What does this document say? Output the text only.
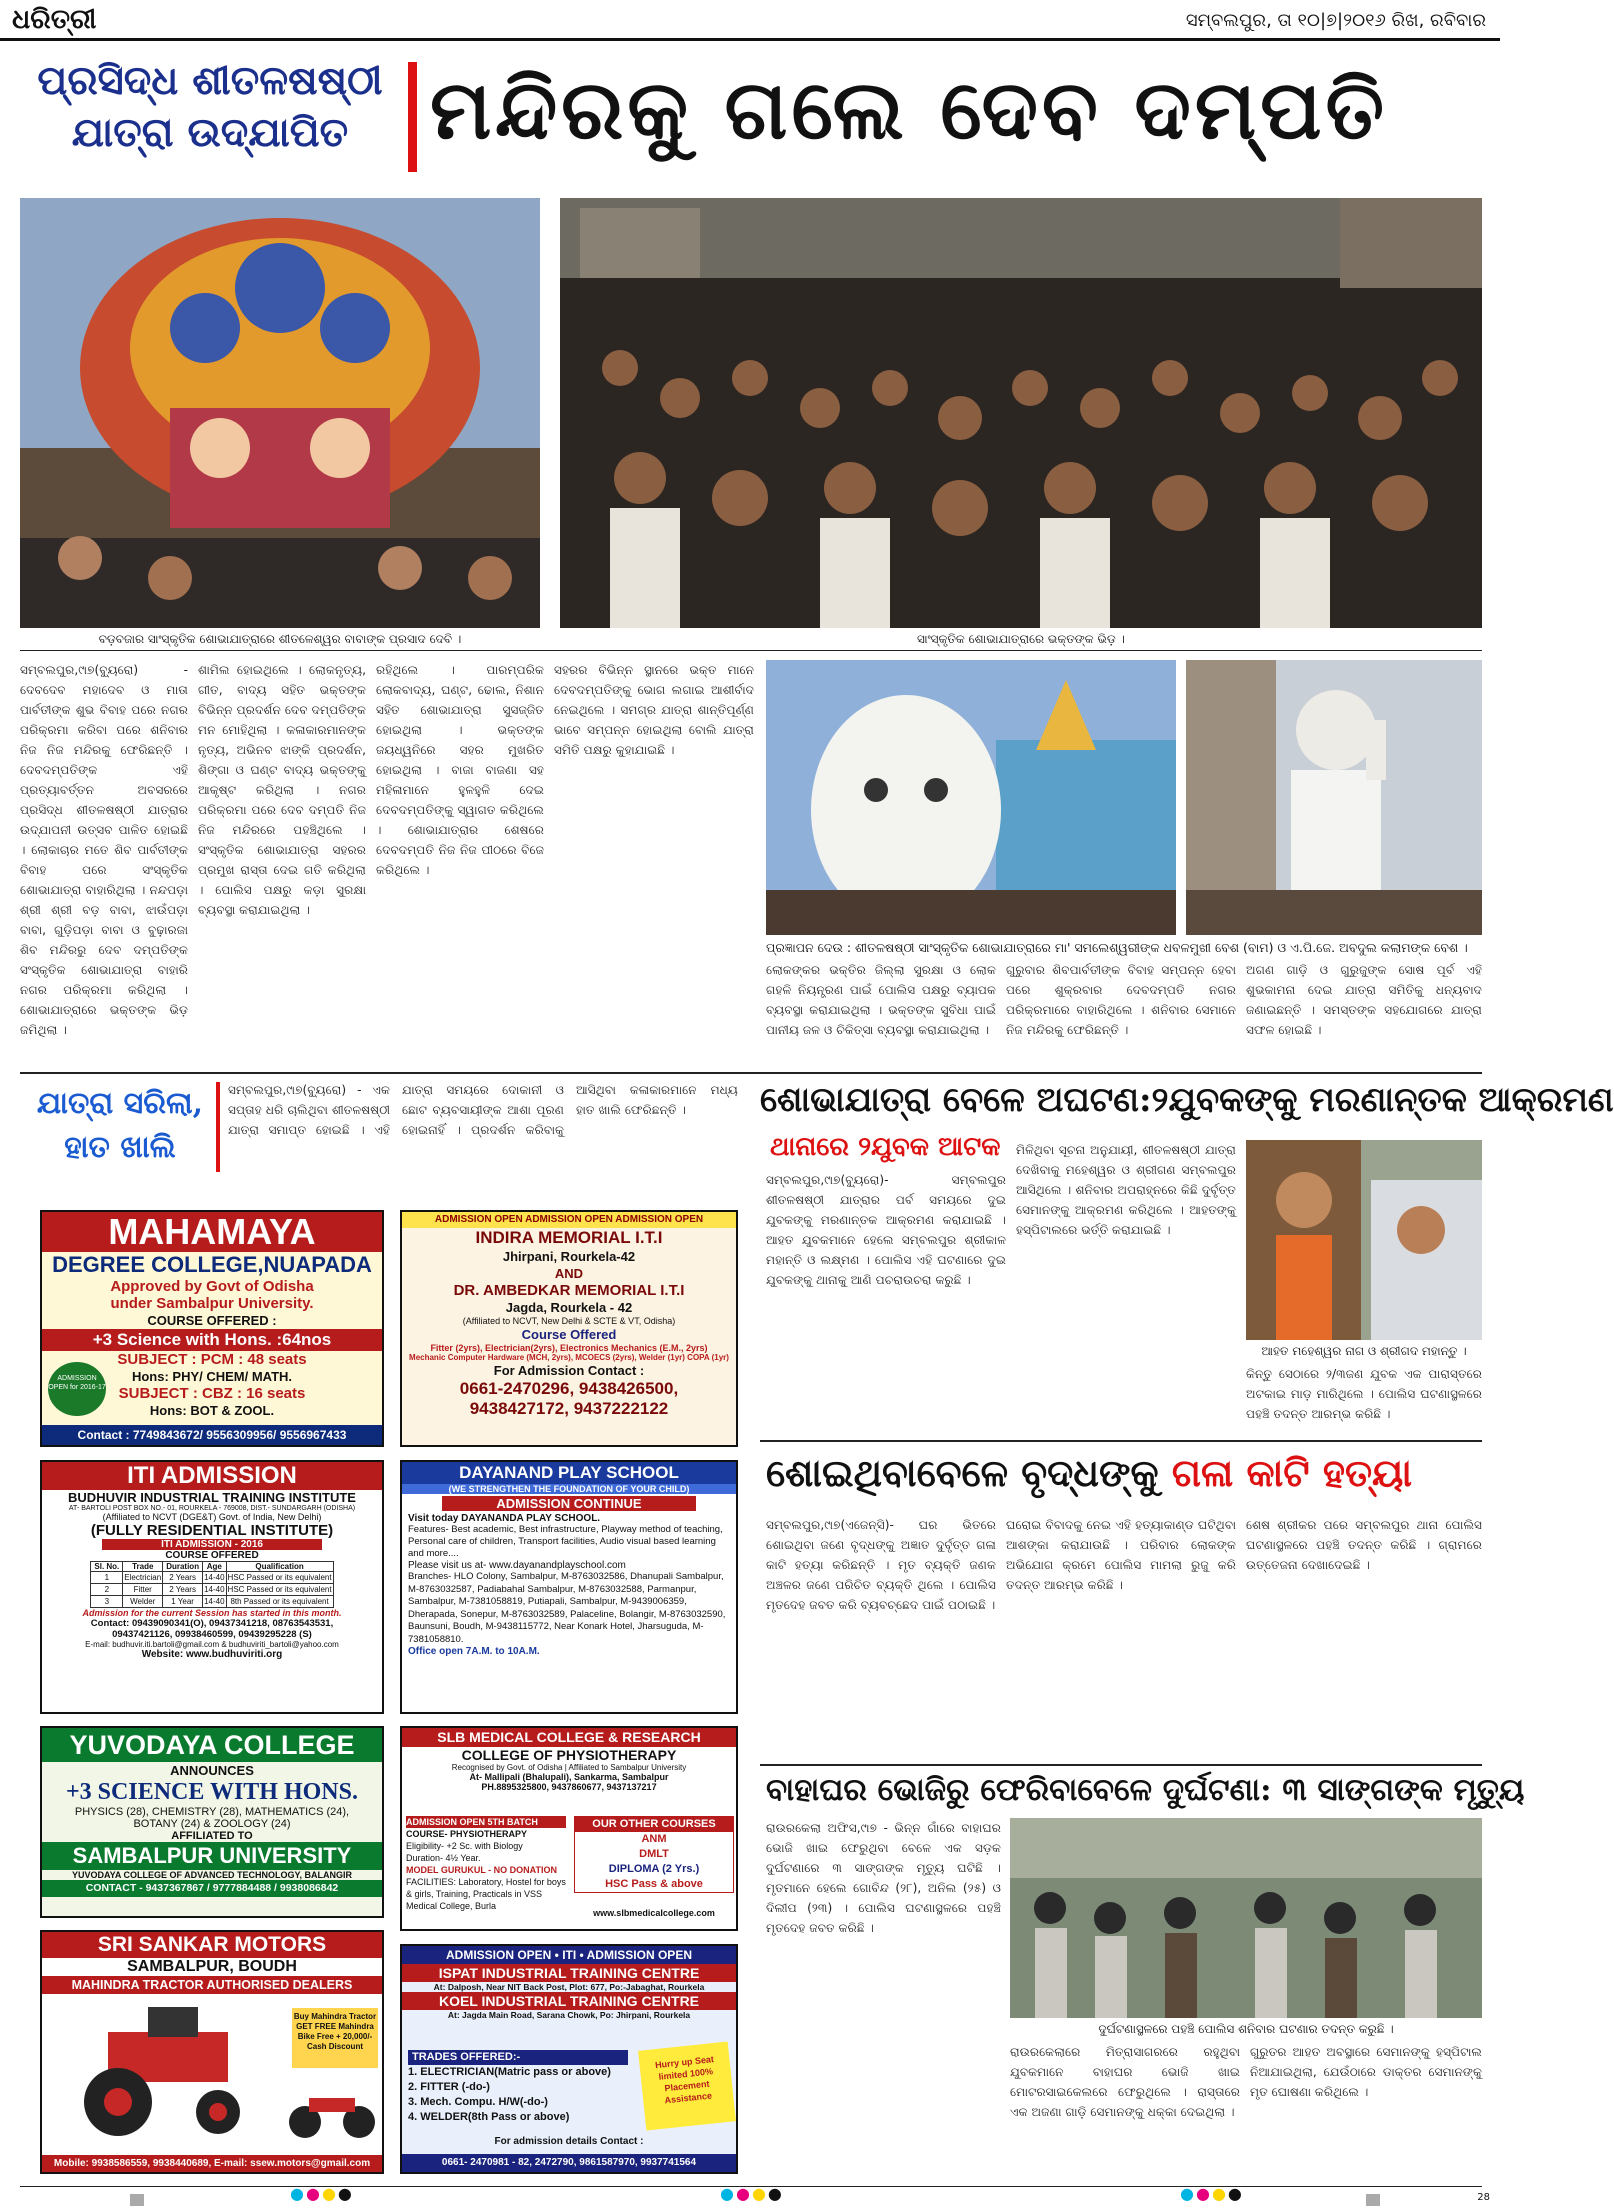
ଧରିତ୍ରୀ	ସମ୍ବଲପୁର, ତା ୧୦|୭|୨୦୧୬ ରିଖ, ରବିବାର
ପ୍ରସିଦ୍ଧ ଶୀତଳଷଷ୍ଠୀ
ଯାତ୍ରା ଉଦ୍‌ଯାପିତ ମନ୍ଦିରକୁ ଗଲେ ଦେବ ଦମ୍ପତି
ବଡ଼ବଜାର ସାଂସ୍କୃତିକ ଶୋଭାଯାତ୍ରାରେ ଶୀତଳେଶ୍ୱର ବାବାଙ୍କ ପ୍ରସାଦ ଦେବି ।	ସାଂସ୍କୃତିକ ଶୋଭାଯାତ୍ରାରେ ଭକ୍ତଙ୍କ ଭିଡ଼ ।
ସମ୍ବଲପୁର,୯ା୭(ବ୍ୟୁରୋ) - ଦେବଦେବ ମହାଦେବ ଓ ମାତା ପାର୍ବତୀଙ୍କ ଶୁଭ ବିବାହ ପରେ ନଗର ପରିକ୍ରମା କରିବା ପରେ ଶନିବାର ନିଜ ନିଜ ମନ୍ଦିରକୁ ଫେରିଛନ୍ତି । ଦେବଦମ୍ପତିଙ୍କ ଏହି ପ୍ରତ୍ୟାବର୍ତ୍ତନ ଅବସରରେ ପ୍ରସିଦ୍ଧ ଶୀତଳଷଷ୍ଠୀ ଯାତ୍ରାର ଉଦ୍‌ଯାପନୀ ଉତ୍ସବ ପାଳିତ ହୋଇଛି । ଲୋକାଚାର ମତେ ଶିବ ପାର୍ବତୀଙ୍କ ବିବାହ ପରେ ସଂସ୍କୃତିକ ଶୋଭାଯାତ୍ରା ବାହାରିଥିଲା । ନନ୍ଦପଡ଼ା ଶ୍ରୀ ଶ୍ରୀ ବଡ଼ ବାବା, ଝାଉଁପଡ଼ା ବାବା, ଗୁଡ଼ିପଡ଼ା ବାବା ଓ ବୁଢ଼ାରଜା ଶିବ ମନ୍ଦିରରୁ ଦେବ ଦମ୍ପତିଙ୍କ ସଂସ୍କୃତିକ ଶୋଭାଯାତ୍ରା ବାହାରି ନଗର ପରିକ୍ରମା କରିଥିଲା । ଶୋଭାଯାତ୍ରାରେ ଭକ୍ତଙ୍କ ଭିଡ଼ ଜମିଥିଲା ।
ଶାମିଲ ହୋଇଥିଲେ । ଲୋକନୃତ୍ୟ, ଗୀତ, ବାଦ୍ୟ ସହିତ ଭକ୍ତଙ୍କ ବିଭିନ୍ନ ପ୍ରଦର୍ଶନ ଦେବ ଦମ୍ପତିଙ୍କ ମନ ମୋହିଥିଲା । କଳାକାରମାନଙ୍କ ନୃତ୍ୟ, ଅଭିନବ ଝାଙ୍କି ପ୍ରଦର୍ଶନ, ଶିଙ୍ଗା ଓ ଘଣ୍ଟ ବାଦ୍ୟ ଭକ୍ତଙ୍କୁ ଆକୃଷ୍ଟ କରିଥିଲା । ନଗର ପରିକ୍ରମା ପରେ ଦେବ ଦମ୍ପତି ନିଜ ନିଜ ମନ୍ଦିରରେ ପହଞ୍ଚିଥିଲେ । ସଂସ୍କୃତିକ ଶୋଭାଯାତ୍ରା ସହରର ପ୍ରମୁଖ ରାସ୍ତା ଦେଇ ଗତି କରିଥିଲା । ପୋଲିସ ପକ୍ଷରୁ କଡ଼ା ସୁରକ୍ଷା ବ୍ୟବସ୍ଥା କରାଯାଇଥିଲା ।
ରହିଥିଲେ । ପାରମ୍ପରିକ ଲୋକବାଦ୍ୟ, ଘଣ୍ଟ, ଢୋଲ, ନିଶାନ ସହିତ ଶୋଭାଯାତ୍ରା ସୁସଜ୍ଜିତ ହୋଇଥିଲା । ଭକ୍ତଙ୍କ ଜୟଧ୍ୱନିରେ ସହର ମୁଖରିତ ହୋଇଥିଲା । ବାଜା ବାଜଣା ସହ ମହିଳାମାନେ ହୁଳହୁଳି ଦେଇ ଦେବଦମ୍ପତିଙ୍କୁ ସ୍ୱାଗତ କରିଥିଲେ । ଶୋଭାଯାତ୍ରାର ଶେଷରେ ଦେବଦମ୍ପତି ନିଜ ନିଜ ପୀଠରେ ବିଜେ କରିଥିଲେ ।
ସହରର ବିଭିନ୍ନ ସ୍ଥାନରେ ଭକ୍ତ ମାନେ ଦେବଦମ୍ପତିଙ୍କୁ ଭୋଗ ଲଗାଇ ଆଶୀର୍ବାଦ ନେଇଥିଲେ । ସମଗ୍ର ଯାତ୍ରା ଶାନ୍ତିପୂର୍ଣ୍ଣ ଭାବେ ସମ୍ପନ୍ନ ହୋଇଥିଲା ବୋଲି ଯାତ୍ରା ସମିତି ପକ୍ଷରୁ କୁହାଯାଇଛି ।
ପ୍ରଜ୍ଞାପନ ଦେଉ : ଶୀତଳଷଷ୍ଠୀ ସାଂସ୍କୃତିକ ଶୋଭାଯାତ୍ରାରେ ମା' ସମଲେଶ୍ୱରୀଙ୍କ ଧବଳମୁଖୀ ବେଶ (ବାମ) ଓ ଏ.ପି.ଜେ. ଅବଦୁଲ କଲାମଙ୍କ ବେଶ ।
ଲୋକଙ୍କର ଭକ୍ତିର ଜିଲ୍ଲା ସୁରକ୍ଷା ଓ ଲୋକ ଗହଳି ନିୟନ୍ତ୍ରଣ ପାଇଁ ପୋଲିସ ପକ୍ଷରୁ ବ୍ୟାପକ ବ୍ୟବସ୍ଥା କରାଯାଇଥିଲା । ଭକ୍ତଙ୍କ ସୁବିଧା ପାଇଁ ପାନୀୟ ଜଳ ଓ ଚିକିତ୍ସା ବ୍ୟବସ୍ଥା କରାଯାଇଥିଲା ।
ଗୁରୁବାର ଶିବପାର୍ବତୀଙ୍କ ବିବାହ ସମ୍ପନ୍ନ ହେବା ପରେ ଶୁକ୍ରବାର ଦେବଦମ୍ପତି ନଗର ପରିକ୍ରମାରେ ବାହାରିଥିଲେ । ଶନିବାର ସେମାନେ ନିଜ ମନ୍ଦିରକୁ ଫେରିଛନ୍ତି ।
ଅଗଣ ଗାଡ଼ି ଓ ଗୁରୁଜୁଙ୍କ ସୋଷ ପୂର୍ବ ଏହି ଶୁଭକାମନା ଦେଇ ଯାତ୍ରା ସମିତିକୁ ଧନ୍ୟବାଦ ଜଣାଇଛନ୍ତି । ସମସ୍ତଙ୍କ ସହଯୋଗରେ ଯାତ୍ରା ସଫଳ ହୋଇଛି ।
ଯାତ୍ରା ସରିଲା,
ହାତ ଖାଲି
ସମ୍ବଲପୁର,୯ା୭(ବ୍ୟୁରୋ) - ଏକ ସପ୍ତାହ ଧରି ଚାଲିଥିବା ଶୀତଳଷଷ୍ଠୀ ଯାତ୍ରା ସମାପ୍ତ ହୋଇଛି । ଏହି ଯାତ୍ରା ସମୟରେ ଦୋକାନୀ ଓ ଛୋଟ ବ୍ୟବସାୟୀଙ୍କ ଆଶା ପୂରଣ ହୋଇନାହିଁ । ପ୍ରଦର୍ଶନ କରିବାକୁ ଆସିଥିବା କଳାକାରମାନେ ମଧ୍ୟ ହାତ ଖାଲି ଫେରିଛନ୍ତି ।	ଶୋଭାଯାତ୍ରା ବେଳେ ଅଘଟଣ:୨ଯୁବକଙ୍କୁ ମରଣାନ୍ତକ ଆକ୍ରମଣ
ଥାନାରେ ୨ଯୁବକ ଆଟକ
ସମ୍ବଲପୁର,୯ା୭(ବ୍ୟୁରୋ)- ସମ୍ବଲପୁର ଶୀତଳଷଷ୍ଠୀ ଯାତ୍ରାର ପର୍ବ ସମୟରେ ଦୁଇ ଯୁବକଙ୍କୁ ମରଣାନ୍ତକ ଆକ୍ରମଣ କରାଯାଇଛି । ଆହତ ଯୁବକମାନେ ହେଲେ ସମ୍ବଲପୁର ଶ୍ରୀକାଳ ମହାନ୍ତି ଓ ଲକ୍ଷ୍ମଣ । ପୋଲିସ ଏହି ଘଟଣାରେ ଦୁଇ ଯୁବକଙ୍କୁ ଥାନାକୁ ଆଣି ପଚରାଉଚରା କରୁଛି ।
ମିଳିଥିବା ସୂଚନା ଅନୁଯାୟୀ, ଶୀତଳଷଷ୍ଠୀ ଯାତ୍ରା ଦେଖିବାକୁ ମହେଶ୍ୱର ଓ ଶ୍ରୀଗଣ ସମ୍ବଲପୁର ଆସିଥିଲେ । ଶନିବାର ଅପରାହ୍ନରେ କିଛି ଦୁର୍ବୃତ୍ତ ସେମାନଙ୍କୁ ଆକ୍ରମଣ କରିଥିଲେ । ଆହତଙ୍କୁ ହସ୍ପିଟାଲରେ ଭର୍ତ୍ତି କରାଯାଇଛି ।
ଆହତ ମହେଶ୍ୱର ନାଗ ଓ ଶ୍ରୀଗଦ ମହାନ୍ତୁ ।
କିନ୍ତୁ ସେଠାରେ ୨/୩ଜଣ ଯୁବକ ଏକ ପାରାସ୍ତରେ ଅଟକାଇ ମାଡ଼ ମାରିଥିଲେ । ପୋଲିସ ଘଟଣାସ୍ଥଳରେ ପହଞ୍ଚି ତଦନ୍ତ ଆରମ୍ଭ କରିଛି ।
MAHAMAYA
DEGREE COLLEGE,NUAPADA
Approved by Govt of Odisha
under Sambalpur University.
COURSE OFFERED :
+3 Science with Hons. :64nos
SUBJECT : PCM : 48 seats
Hons: PHY/ CHEM/ MATH.
SUBJECT : CBZ : 16 seats
Hons: BOT & ZOOL.
Contact : 7749843672/ 9556309956/ 9556967433
ADMISSION OPEN for 2016-17
ADMISSION OPEN ADMISSION OPEN ADMISSION OPEN
INDIRA MEMORIAL I.T.I
Jhirpani, Rourkela-42
AND
DR. AMBEDKAR MEMORIAL I.T.I
Jagda, Rourkela - 42
(Affiliated to NCVT, New Delhi & SCTE & VT, Odisha)
Course Offered
Fitter (2yrs), Electrician(2yrs), Electronics Mechanics (E.M., 2yrs)
Mechanic Computer Hardware (MCH, 2yrs), MCOECS (2yrs), Welder (1yr) COPA (1yr)
For Admission Contact :
0661-2470296, 9438426500,
9438427172, 9437222122
ITI ADMISSION
BUDHUVIR INDUSTRIAL TRAINING INSTITUTE
AT- BARTOLI POST BOX NO.- 01, ROURKELA - 769008, DIST.- SUNDARGARH (ODISHA)
(Affiliated to NCVT (DGE&T) Govt. of India, New Delhi)
(FULLY RESIDENTIAL INSTITUTE)
ITI ADMISSION - 2016
COURSE OFFERED
Sl. No.	Trade	Duration	Age	Qualification
1	Electrician	2 Years	14-40	HSC Passed or its equivalent
2	Fitter	2 Years	14-40	HSC Passed or its equivalent
3	Welder	1 Year	14-40	8th Passed or its equivalent
Admission for the current Session has started in this month.
Contact: 09439090341(O), 09437341218, 08763543531,
09437421126, 09938460599, 09439295228 (S)
E-mail: budhuvir.iti.bartoli@gmail.com & budhuviriti_bartoli@yahoo.com
Website: www.budhuviriti.org
DAYANAND PLAY SCHOOL
(WE STRENGTHEN THE FOUNDATION OF YOUR CHILD)
ADMISSION CONTINUE
Visit today DAYANANDA PLAY SCHOOL.
Features- Best academic, Best infrastructure, Playway method of teaching, Personal care of children, Transport facilities, Audio visual based learning and more....
Please visit us at- www.dayanandplayschool.com
Branches- HLO Colony, Sambalpur, M-8763032586, Dhanupali Sambalpur, M-8763032587, Padiabahal Sambalpur, M-8763032588, Parmanpur, Sambalpur, M-7381058819, Putiapali, Sambalpur, M-9439006359, Dherapada, Sonepur, M-8763032589, Palaceline, Bolangir, M-8763032590, Baunsuni, Boudh, M-9438115772, Near Konark Hotel, Jharsuguda, M-7381058810.
Office open 7A.M. to 10A.M.
YUVODAYA COLLEGE
ANNOUNCES
+3 SCIENCE WITH HONS.
PHYSICS (28), CHEMISTRY (28), MATHEMATICS (24),
BOTANY (24) & ZOOLOGY (24)
AFFILIATED TO
SAMBALPUR UNIVERSITY
YUVODAYA COLLEGE OF ADVANCED TECHNOLOGY, BALANGIR
CONTACT - 9437367867 / 9777884488 / 9938086842
SLB MEDICAL COLLEGE & RESEARCH
COLLEGE OF PHYSIOTHERAPY
Recognised by Govt. of Odisha | Affiliated to Sambalpur University
At- Mallipali (Bhalupali), Sankarma, Sambalpur
PH.8895325800, 9437860677, 9437137217
ADMISSION OPEN 5TH BATCH
COURSE- PHYSIOTHERAPY
Eligibility- +2 Sc. with Biology
Duration- 4½ Year.
MODEL GURUKUL - NO DONATION
FACILITIES: Laboratory, Hostel for boys & girls, Training, Practicals in VSS Medical College, Burla
OUR OTHER COURSES
ANM
DMLT
DIPLOMA (2 Yrs.)
HSC Pass & above
www.slbmedicalcollege.com
SRI SANKAR MOTORS
SAMBALPUR, BOUDH
MAHINDRA TRACTOR AUTHORISED DEALERS
Buy Mahindra Tractor GET FREE Mahindra Bike Free + 20,000/- Cash Discount
Mobile: 9938586559, 9938440689, E-mail: ssew.motors@gmail.com
ADMISSION OPEN • ITI • ADMISSION OPEN
ISPAT INDUSTRIAL TRAINING CENTRE
At: Dalposh, Near NIT Back Post, Plot: 677, Po:-Jabaghat, Rourkela
KOEL INDUSTRIAL TRAINING CENTRE
At: Jagda Main Road, Sarana Chowk, Po: Jhirpani, Rourkela
TRADES OFFERED:-
1. ELECTRICIAN(Matric pass or above)
2. FITTER (-do-)
3. Mech. Compu. H/W(-do-)
4. WELDER(8th Pass or above)
Hurry up Seat limited 100% Placement Assistance
For admission details Contact :
0661- 2470981 - 82, 2472790, 9861587970, 9937741564
ଶୋଇଥିବାବେଳେ ବୃଦ୍ଧଙ୍କୁ ଗଳା କାଟି ହତ୍ୟା
ସମ୍ବଲପୁର,୯ା୭(ଏଜେନ୍ସି)- ଘର ଭିତରେ ଶୋଇଥିବା ଜଣେ ବୃଦ୍ଧଙ୍କୁ ଅଜ୍ଞାତ ଦୁର୍ବୃତ୍ତ ଗଳା କାଟି ହତ୍ୟା କରିଛନ୍ତି । ମୃତ ବ୍ୟକ୍ତି ଜଣକ ଅଞ୍ଚଳର ଜଣେ ପରିଚିତ ବ୍ୟକ୍ତି ଥିଲେ । ପୋଲିସ ମୃତଦେହ ଜବତ କରି ବ୍ୟବଚ୍ଛେଦ ପାଇଁ ପଠାଇଛି ।
ଘରୋଇ ବିବାଦକୁ ନେଇ ଏହି ହତ୍ୟାକାଣ୍ଡ ଘଟିଥିବା ଆଶଙ୍କା କରାଯାଉଛି । ପରିବାର ଲୋକଙ୍କ ଅଭିଯୋଗ କ୍ରମେ ପୋଲିସ ମାମଲା ରୁଜୁ କରି ତଦନ୍ତ ଆରମ୍ଭ କରିଛି ।
ଶେଷ ଶ୍ରୀକର ପରେ ସମ୍ବଲପୁର ଥାନା ପୋଲିସ ଘଟଣାସ୍ଥଳରେ ପହଞ୍ଚି ତଦନ୍ତ କରିଛି । ଗ୍ରାମରେ ଉତ୍ତେଜନା ଦେଖାଦେଇଛି ।
ବାହାଘର ଭୋଜିରୁ ଫେରିବାବେଳେ ଦୁର୍ଘଟଣା: ୩ ସାଙ୍ଗଙ୍କ ମୃତ୍ୟୁ
ରାଉରକେଲା ଅଫିସ,୯ା୭ - ଭିନ୍ନ ଗାଁରେ ବାହାଘର ଭୋଜି ଖାଇ ଫେରୁଥିବା ବେଳେ ଏକ ସଡ଼କ ଦୁର୍ଘଟଣାରେ ୩ ସାଙ୍ଗଙ୍କ ମୃତ୍ୟୁ ଘଟିଛି । ମୃତମାନେ ହେଲେ ଗୋବିନ୍ଦ (୨୮), ଅନିଲ (୨୫) ଓ ଦିଲୀପ (୨୩) । ପୋଲିସ ଘଟଣାସ୍ଥଳରେ ପହଞ୍ଚି ମୃତଦେହ ଜବତ କରିଛି ।
ଦୁର୍ଘଟଣାସ୍ଥଳରେ ପହଞ୍ଚି ପୋଲିସ ଶନିବାର ଘଟଣାର ତଦନ୍ତ କରୁଛି ।
ରାଉରକେଲାରେ ମିତ୍ରାସାଗରରେ ରହୁଥିବା ଯୁବକମାନେ ବାହାଘର ଭୋଜି ଖାଇ ମୋଟରସାଇକେଲରେ ଫେରୁଥିଲେ । ରାସ୍ତାରେ ଏକ ଅଜଣା ଗାଡ଼ି ସେମାନଙ୍କୁ ଧକ୍କା ଦେଇଥିଲା ।
ଗୁରୁତର ଆହତ ଅବସ୍ଥାରେ ସେମାନଙ୍କୁ ହସ୍ପିଟାଲ ନିଆଯାଇଥିଲା, ଯେଉଁଠାରେ ଡାକ୍ତର ସେମାନଙ୍କୁ ମୃତ ଘୋଷଣା କରିଥିଲେ ।
●●●●	●●●●	●●●●	28
